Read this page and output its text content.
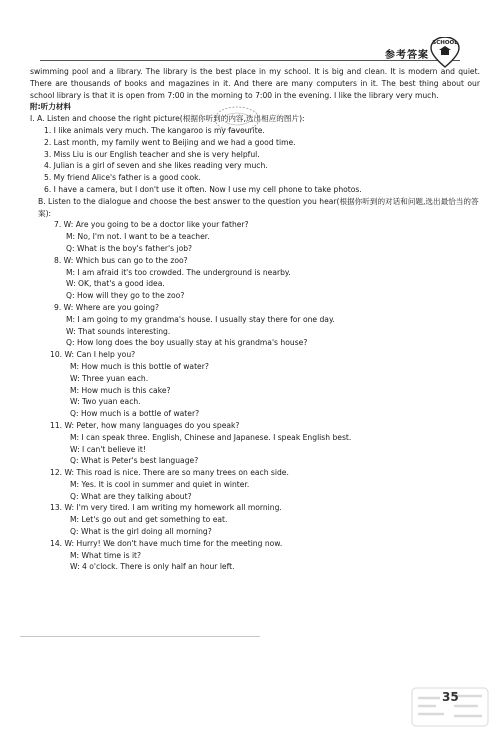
参考答案
SCHOOL

swimming pool and a library. The library is the best place in my school. It is big and clean. It is modern and quiet. There are thousands of books and magazines in it. And there are many computers in it. The best thing about our school library is that it is open from 7:00 in the morning to 7:00 in the evening. I like the library very much.

附:听力材料

Ⅰ. A. Listen and choose the right picture(根据你听到的内容,选出相应的图片):

1. I like animals very much. The kangaroo is my favourite.

2. Last month, my family went to Beijing and we had a good time.

3. Miss Liu is our English teacher and she is very helpful.

4. Julian is a girl of seven and she likes reading very much.

5. My friend Alice's father is a good cook.

6. I have a camera, but I don't use it often. Now I use my cell phone to take photos.

B. Listen to the dialogue and choose the best answer to the question you hear(根据你听到的对话和问题,选出最恰当的答案):

7. W: Are you going to be a doctor like your father?

M: No, I'm not. I want to be a teacher.

Q: What is the boy's father's job?

8. W: Which bus can go to the zoo?

M: I am afraid it's too crowded. The underground is nearby.

W: OK, that's a good idea.

Q: How will they go to the zoo?

9. W: Where are you going?

M: I am going to my grandma's house. I usually stay there for one day.

W: That sounds interesting.

Q: How long does the boy usually stay at his grandma's house?

10. W: Can I help you?

M: How much is this bottle of water?

W: Three yuan each.

M: How much is this cake?

W: Two yuan each.

Q: How much is a bottle of water?

11. W: Peter, how many languages do you speak?

M: I can speak three. English, Chinese and Japanese. I speak English best.

W: I can't believe it!

Q: What is Peter's best language?

12. W: This road is nice. There are so many trees on each side.

M: Yes. It is cool in summer and quiet in winter.

Q: What are they talking about?

13. W: I'm very tired. I am writing my homework all morning.

M: Let's go out and get something to eat.

Q: What is the girl doing all morning?

14. W: Hurry! We don't have much time for the meeting now.

M: What time is it?

W: 4 o'clock. There is only half an hour left.

35
